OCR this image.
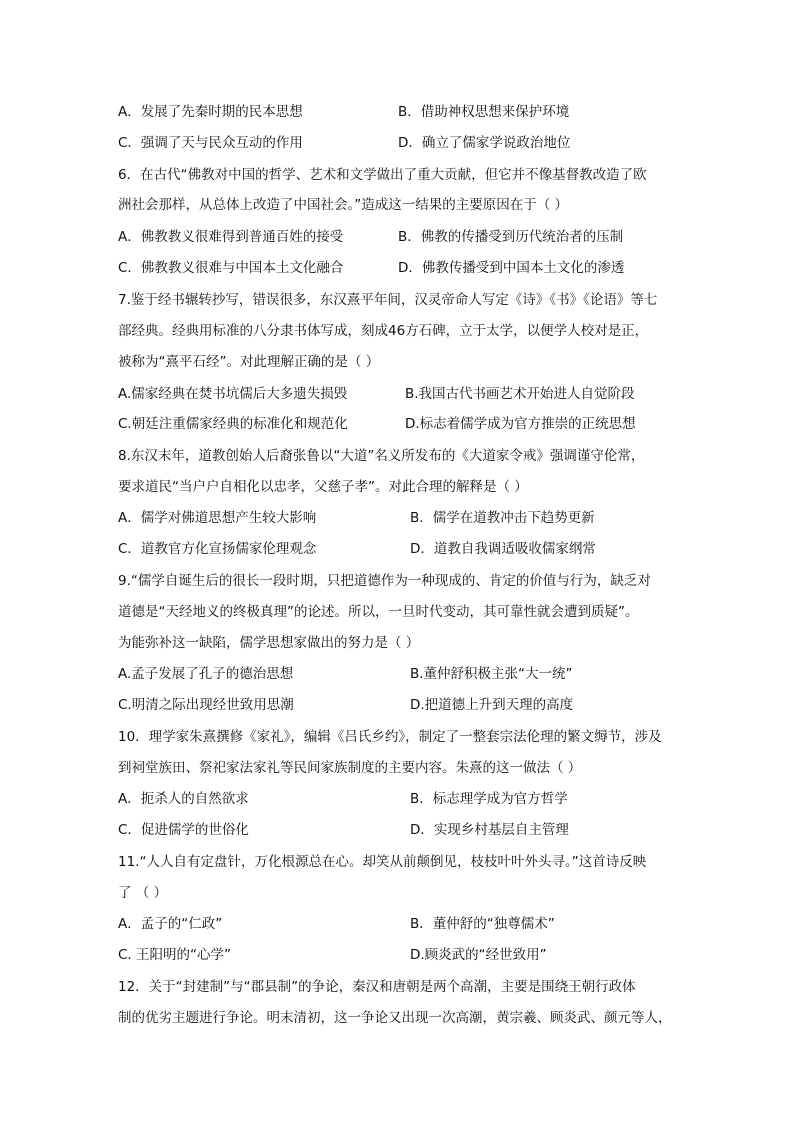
A．发展了先秦时期的民本思想	B．借助神权思想来保护环境
C．强调了天与民众互动的作用	D．确立了儒家学说政治地位
6．在古代“佛教对中国的哲学、艺术和文学做出了重大贡献，但它并不像基督教改造了欧
洲社会那样，从总体上改造了中国社会。”造成这一结果的主要原因在于（ ）
A．佛教教义很难得到普通百姓的接受	B．佛教的传播受到历代统治者的压制
C．佛教教义很难与中国本土文化融合	D．佛教传播受到中国本土文化的渗透
7.鉴于经书辗转抄写，错误很多，东汉熹平年间，汉灵帝命人写定《诗》《书》《论语》等七
部经典。经典用标准的八分隶书体写成，刻成46方石碑，立于太学，以便学人校对是正，
被称为“熹平石经”。对此理解正确的是（ ）
A.儒家经典在焚书坑儒后大多遗失损毁	B.我国古代书画艺术开始进人自觉阶段
C.朝廷注重儒家经典的标准化和规范化	D.标志着儒学成为官方推崇的正统思想
8.东汉末年，道教创始人后裔张鲁以“大道”名义所发布的《大道家令戒》强调谨守伦常，
要求道民“当户户自相化以忠孝，父慈子孝”。对此合理的解释是（ ）
A．儒学对佛道思想产生较大影响	B．儒学在道教冲击下趋势更新
C．道教官方化宣扬儒家伦理观念	D．道教自我调适吸收儒家纲常
9.“儒学自诞生后的很长一段时期，只把道德作为一种现成的、肯定的价值与行为，缺乏对
道德是“天经地义的终极真理”的论述。所以，一旦时代变动，其可靠性就会遭到质疑”。
为能弥补这一缺陷，儒学思想家做出的努力是（ ）
A.孟子发展了孔子的德治思想	B.董仲舒积极主张“大一统”
C.明清之际出现经世致用思潮	D.把道德上升到天理的高度
10．理学家朱熹撰修《家礼》，编辑《吕氏乡约》，制定了一整套宗法伦理的繁文缛节，涉及
到祠堂族田、祭祀家法家礼等民间家族制度的主要内容。朱熹的这一做法（ ）
A．扼杀人的自然欲求	B．标志理学成为官方哲学
C．促进儒学的世俗化	D．实现乡村基层自主管理
11.“人人自有定盘针，万化根源总在心。却笑从前颠倒见，枝枝叶叶外头寻。”这首诗反映
了 （ ）
A．孟子的“仁政”	B．董仲舒的“独尊儒术”
C. 王阳明的“心学”	D.顾炎武的“经世致用”
12．关于“封建制”与“郡县制”的争论，秦汉和唐朝是两个高潮，主要是围绕王朝行政体
制的优劣主题进行争论。明末清初，这一争论又出现一次高潮，黄宗羲、顾炎武、颜元等人，
